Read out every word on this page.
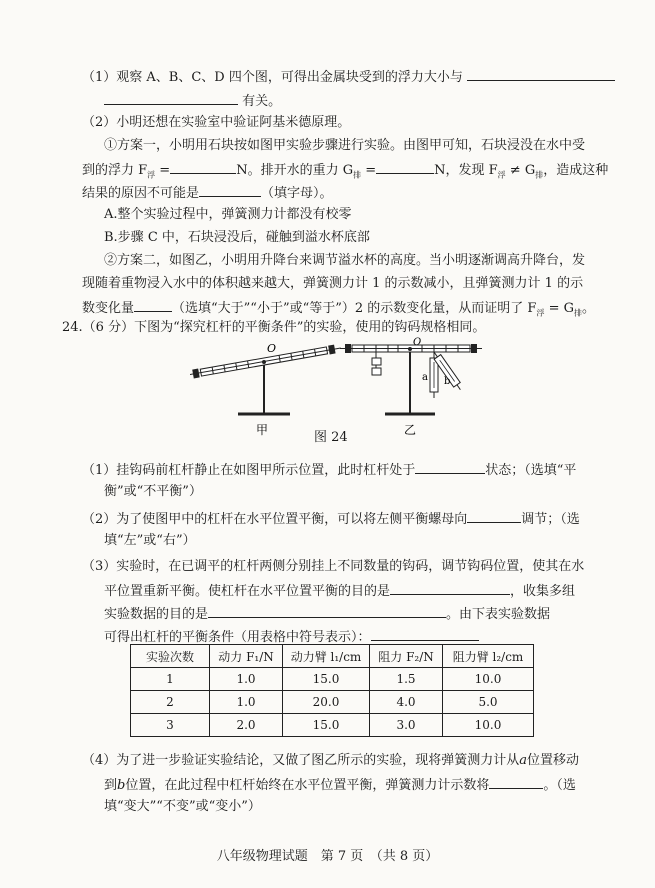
（1）观察 A、B、C、D 四个图，可得出金属块受到的浮力大小与
有关。
（2）小明还想在实验室中验证阿基米德原理。
①方案一，小明用石块按如图甲实验步骤进行实验。由图甲可知，石块浸没在水中受
到的浮力 $F_浮$ =	N。排开水的重力 $G_排$ =	N，发现 $F_浮 \ne G_排$，造成这种
结果的原因不可能是	（填字母）。
A.整个实验过程中，弹簧测力计都没有校零
B.步骤 C 中，石块浸没后，碰触到溢水杯底部
②方案二，如图乙，小明用升降台来调节溢水杯的高度。当小明逐渐调高升降台，发
现随着重物浸入水中的体积越来越大，弹簧测力计 1 的示数减小，且弹簧测力计 1 的示
数变化量	（选填“大于”“小于”或“等于”）2 的示数变化量，从而证明了 $F_浮 = G_排$。
24.（6 分）下图为“探究杠杆的平衡条件”的实验，使用的钩码规格相同。
O	O
a b
甲	乙
图 24
（1）挂钩码前杠杆静止在如图甲所示位置，此时杠杆处于	状态；（选填“平
衡”或“不平衡”）
（2）为了使图甲中的杠杆在水平位置平衡，可以将左侧平衡螺母向	调节；（选
填“左”或“右”）
（3）实验时，在已调平的杠杆两侧分别挂上不同数量的钩码，调节钩码位置，使其在水
平位置重新平衡。使杠杆在水平位置平衡的目的是	，收集多组
实验数据的目的是	。由下表实验数据
可得出杠杆的平衡条件（用表格中符号表示）：
实验次数	动力 F₁/N	动力臂 l₁/cm	阻力 F₂/N	阻力臂 l₂/cm
1	1.0	15.0	1.5	10.0
2	1.0	20.0	4.0	5.0
3	2.0	15.0	3.0	10.0
（4）为了进一步验证实验结论，又做了图乙所示的实验，现将弹簧测力计从a位置移动
到b位置，在此过程中杠杆始终在水平位置平衡，弹簧测力计示数将	。（选
填“变大”“不变”或“变小”）
八年级物理试题　第 7 页　（共 8 页）
